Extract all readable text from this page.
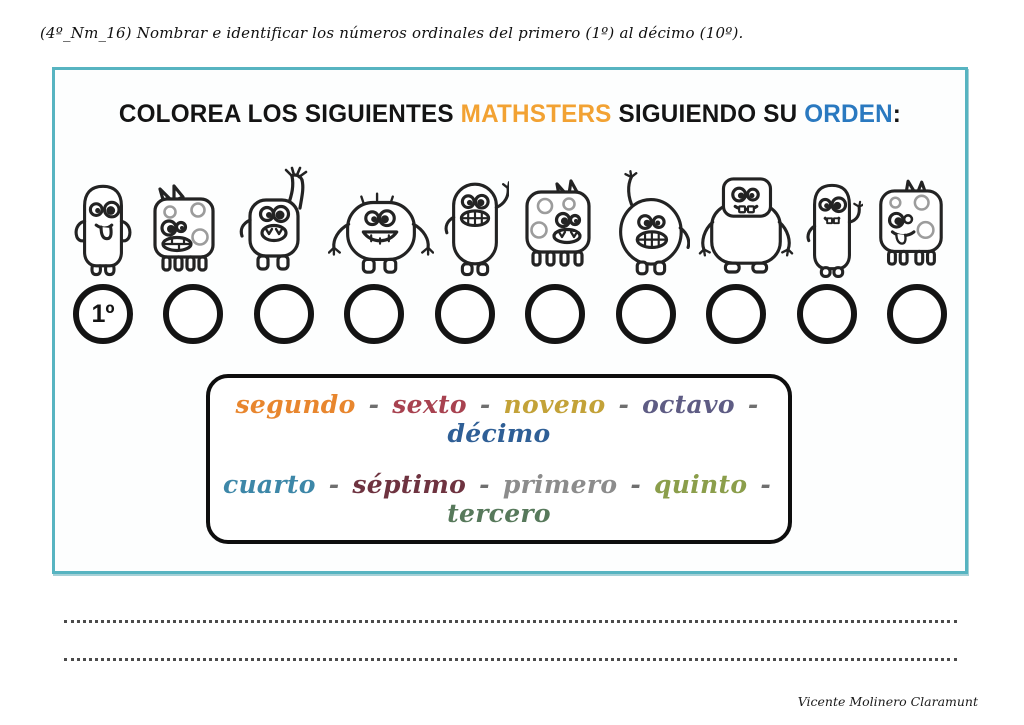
(4º_Nm_16) Nombrar e identificar los números ordinales del primero (1º) al décimo (10º).
COLOREA LOS SIGUIENTES MATHSTERS SIGUIENDO SU ORDEN:
1º
segundo - sexto - noveno - octavo - décimo
cuarto - séptimo - primero - quinto - tercero
Vicente Molinero Claramunt
